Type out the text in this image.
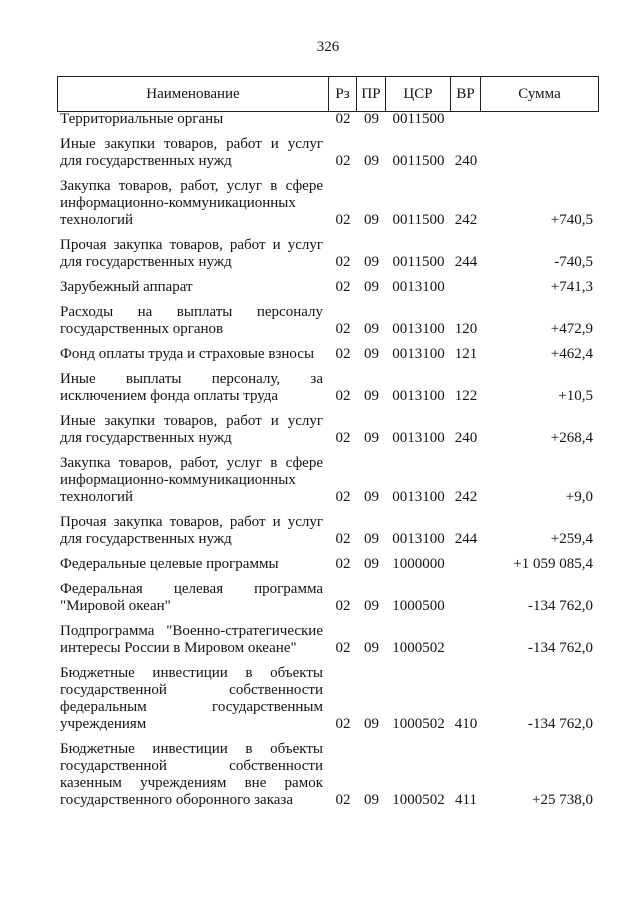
326
Наименование	Рз ПР	ЦСР	ВР	Сумма
Территориальные органы	02 09 0011500
Иные закупки товаров, работ и услуг
для государственных нужд	02 09 0011500 240
Закупка товаров, работ, услуг в сфере
информационно-коммуникационных
технологий	02 09 0011500 242	+740,5
Прочая закупка товаров, работ и услуг
для государственных нужд	02 09 0011500 244	-740,5
Зарубежный аппарат	02 09 0013100	+741,3
Расходы на выплаты персоналу
государственных органов	02 09 0013100 120	+472,9
Фонд оплаты труда и страховые взносы	02 09 0013100 121	+462,4
Иные выплаты персоналу, за
исключением фонда оплаты труда	02 09 0013100 122	+10,5
Иные закупки товаров, работ и услуг
для государственных нужд	02 09 0013100 240	+268,4
Закупка товаров, работ, услуг в сфере
информационно-коммуникационных
технологий	02 09 0013100 242	+9,0
Прочая закупка товаров, работ и услуг
для государственных нужд	02 09 0013100 244	+259,4
Федеральные целевые программы	02 09 1000000	+1 059 085,4
Федеральная целевая программа
"Мировой океан"	02 09 1000500	-134 762,0
Подпрограмма "Военно-стратегические
интересы России в Мировом океане"	02 09 1000502	-134 762,0
Бюджетные инвестиции в объекты
государственной собственности
федеральным государственным
учреждениям	02 09 1000502 410	-134 762,0
Бюджетные инвестиции в объекты
государственной собственности
казенным учреждениям вне рамок
государственного оборонного заказа	02 09 1000502 411	+25 738,0
